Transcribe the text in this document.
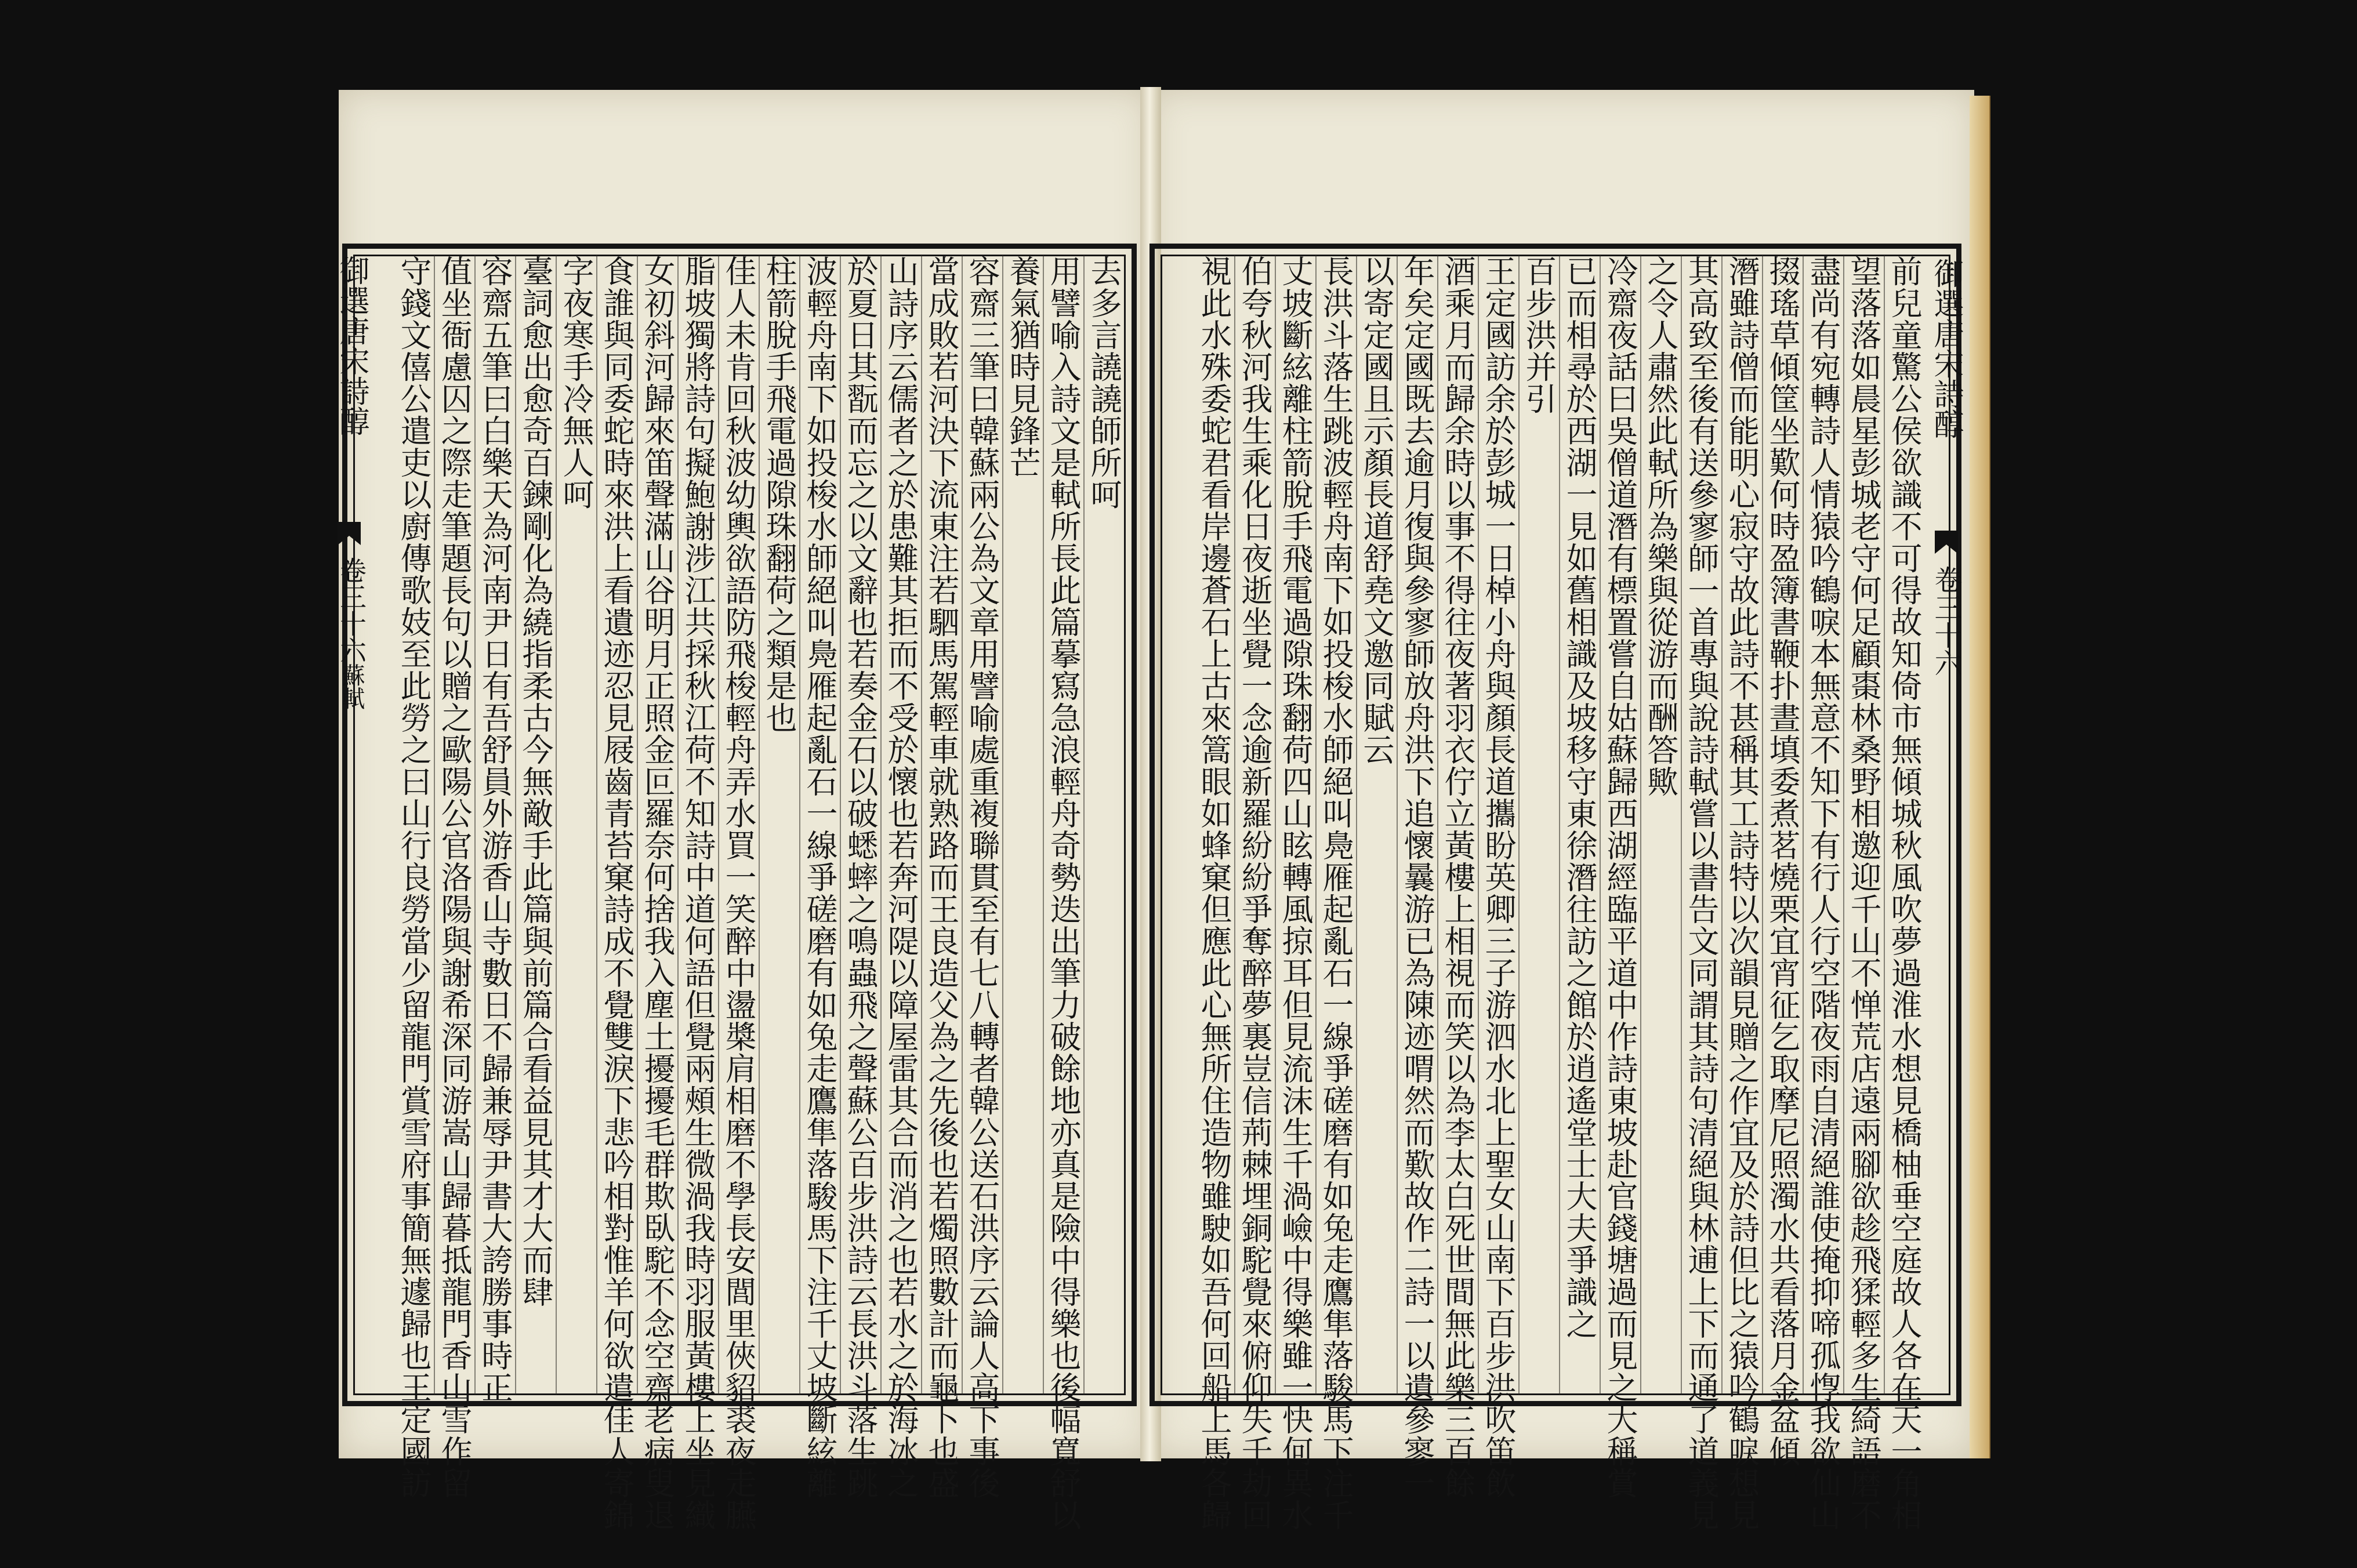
去多言譊譊師所呵
用譬喻入詩文是軾所長此篇摹寫急浪輕舟奇勢迭出筆力破餘地亦真是險中得樂也後幅寬舒以
養氣猶時見鋒芒
容齋三筆曰韓蘇兩公為文章用譬喻處重複聯貫至有七八轉者韓公送石洪序云論人高下事後
當成敗若河決下流東注若駟馬駕輕車就熟路而王良造父為之先後也若燭照數計而龜卜也盛
山詩序云儒者之於患難其拒而不受於懷也若奔河隄以障屋雷其合而消之也若水之於海冰之
於夏日其翫而忘之以文辭也若奏金石以破蟋蟀之鳴蟲飛之聲蘇公百步洪詩云長洪斗落生跳
波輕舟南下如投梭水師絕叫鳧雁起亂石一線爭磋磨有如兔走鷹隼落駿馬下注千丈坡斷絃離
柱箭脫手飛電過隙珠翻荷之類是也
佳人未肯回秋波幼輿欲語防飛梭輕舟弄水買一笑醉中盪槳肩相磨不學長安閭里俠貂裘夜走臙
脂坡獨將詩句擬鮑謝涉江共採秋江荷不知詩中道何語但覺兩頰生微渦我時羽服黃樓上坐見織
女初斜河歸來笛聲滿山谷明月正照金叵羅奈何捨我入塵土擾擾毛群欺臥駝不念空齋老病叟退
食誰與同委蛇時來洪上看遺迹忍見屐齒青苔窠詩成不覺雙淚下悲吟相對惟羊何欲遣佳人寄錦
字夜寒手冷無人呵
臺詞愈出愈奇百鍊剛化為繞指柔古今無敵手此篇與前篇合看益見其才大而肆
容齋五筆曰白樂天為河南尹日有吾舒員外游香山寺數日不歸兼辱尹書大誇勝事時正
值坐衙慮囚之際走筆題長句以贈之歐陽公官洛陽與謝希深同游嵩山歸暮抵龍門香山雪作留
守錢文僖公遣吏以廚傳歌妓至此勞之曰山行良勞當少留龍門賞雪府事簡無遽歸也王定國訪	前兒童驚公侯欲識不可得故知倚市無傾城秋風吹夢過淮水想見橋柚垂空庭故人各在天一角相
望落落如晨星彭城老守何足顧棗林桑野相邀迎千山不惮荒店遠兩腳欲趁飛猱輕多生綺語磨不
盡尚有宛轉詩人情猿吟鶴唳本無意不知下有行人行空階夜雨自清絕誰使掩抑啼孤惸我欲仙山
掇瑤草傾筐坐歎何時盈簿書鞭扑晝填委煮茗燒栗宜宵征乞取摩尼照濁水共看落月金盆傾
潛雖詩僧而能明心寂守故此詩不甚稱其工詩特以次韻見贈之作宜及於詩但比之猿吟鶴唳想見
其高致至後有送參寥師一首專與說詩軾嘗以書告文同謂其詩句清絕與林逋上下而通了道義見
之令人肅然此軾所為樂與從游而酬答歟
冷齋夜話曰吳僧道潛有標置嘗自姑蘇歸西湖經臨平道中作詩東坡赴官錢塘過而見之大稱賞
已而相尋於西湖一見如舊相識及坡移守東徐潛往訪之館於逍遙堂士大夫爭識之
百步洪并引
王定國訪余於彭城一日棹小舟與顏長道攜盼英卿三子游泗水北上聖女山南下百步洪吹笛飲
酒乘月而歸余時以事不得往夜著羽衣佇立黃樓上相視而笑以為李太白死世間無此樂三百餘
年矣定國既去逾月復與參寥師放舟洪下追懷曩游已為陳迹喟然而歎故作二詩一以遺參寥一
以寄定國且示顏長道舒堯文邀同賦云
長洪斗落生跳波輕舟南下如投梭水師絕叫鳧雁起亂石一線爭磋磨有如兔走鷹隼落駿馬下注千
丈坡斷絃離柱箭脫手飛電過隙珠翻荷四山眩轉風掠耳但見流沫生千渦嶮中得樂雖一快何異水
伯夸秋河我生乘化日夜逝坐覺一念逾新羅紛紛爭奪醉夢裏豈信荊棘埋銅駝覺來俯仰失千劫回
視此水殊委蛇君看岸邊蒼石上古來篙眼如蜂窠但應此心無所住造物雖駛如吾何回船上馬各歸
御選唐宋詩醇
卷三十六蘇軾
御選唐宋詩醇
卷三十六
